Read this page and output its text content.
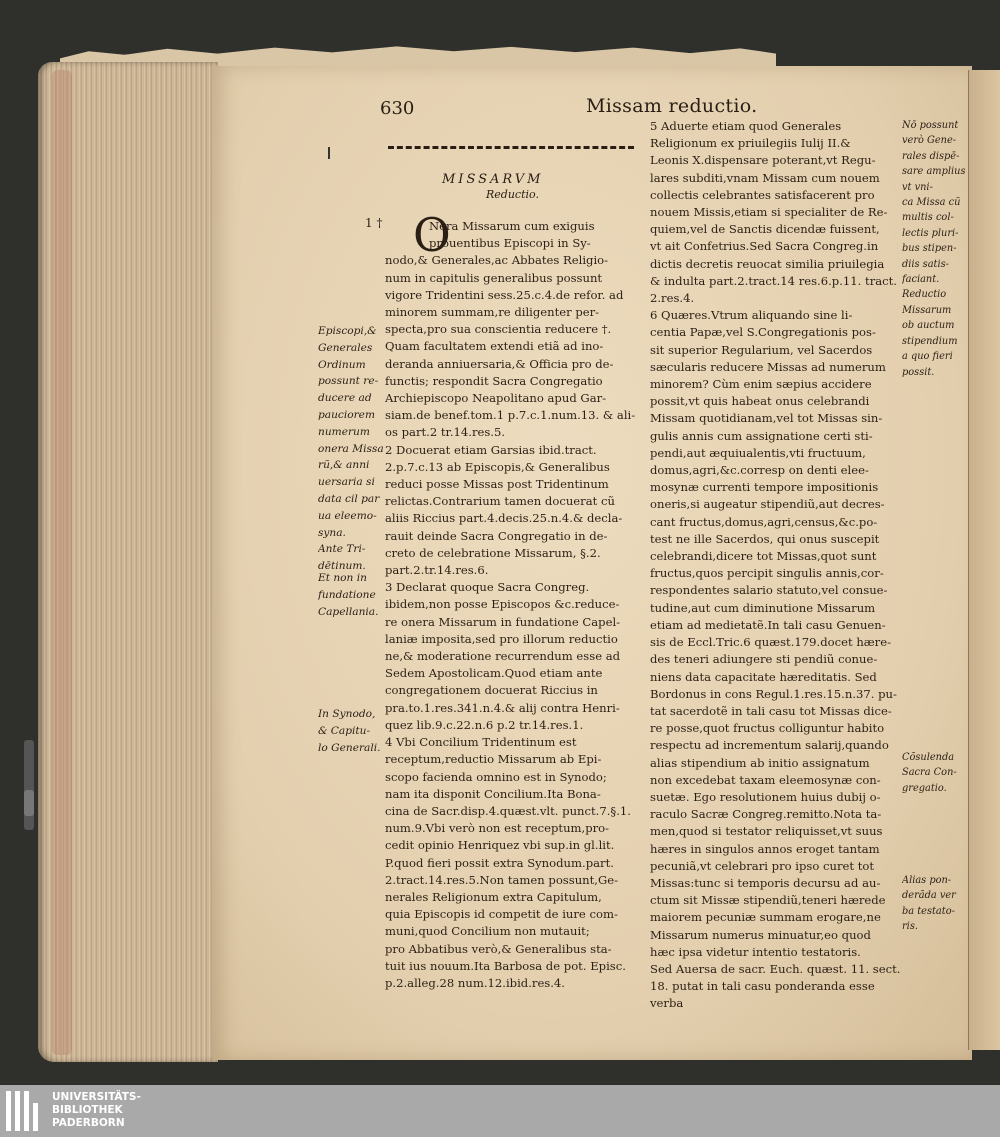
630	Missam reductio.
MISSARVM
Reductio.
1 † O

Nera Missarum cum exiguis

prouentibus Episcopi in Sy-

nodo,& Generales,ac Abbates Religio-

num in capitulis generalibus possunt

vigore Tridentini sess.25.c.4.de refor. ad

minorem summam,re diligenter per-

specta,pro sua conscientia reducere †.

Quam facultatem extendi etiã ad ino-

deranda anniuersaria,& Officia pro de-

functis; respondit Sacra Congregatio

Archiepiscopo Neapolitano apud Gar-

siam.de benef.tom.1 p.7.c.1.num.13. & ali-

os part.2 tr.14.res.5.

2 Docuerat etiam Garsias ibid.tract.

2.p.7.c.13 ab Episcopis,& Generalibus

reduci posse Missas post Tridentinum

relictas.Contrarium tamen docuerat cũ

aliis Riccius part.4.decis.25.n.4.& decla-

rauit deinde Sacra Congregatio in de-

creto de celebratione Missarum, §.2.

part.2.tr.14.res.6.

3 Declarat quoque Sacra Congreg.

ibidem,non posse Episcopos &c.reduce-

re onera Missarum in fundatione Capel-

laniæ imposita,sed pro illorum reductio

ne,& moderatione recurrendum esse ad

Sedem Apostolicam.Quod etiam ante

congregationem docuerat Riccius in

pra.to.1.res.341.n.4.& alij contra Henri-

quez lib.9.c.22.n.6 p.2 tr.14.res.1.

4 Vbi Concilium Tridentinum est

receptum,reductio Missarum ab Epi-

scopo facienda omnino est in Synodo;

nam ita disponit Concilium.Ita Bona-

cina de Sacr.disp.4.quæst.vlt. punct.7.§.1.

num.9.Vbi verò non est receptum,pro-

cedit opinio Henriquez vbi sup.in gl.lit.

P.quod fieri possit extra Synodum.part.

2.tract.14.res.5.Non tamen possunt,Ge-

nerales Religionum extra Capitulum,

quia Episcopis id competit de iure com-

muni,quod Concilium non mutauit;

pro Abbatibus verò,& Generalibus sta-

tuit ius nouum.Ita Barbosa de pot. Episc.

p.2.alleg.28 num.12.ibid.res.4.

5 Aduerte etiam quod Generales

Religionum ex priuilegiis Iulij II.&

Leonis X.dispensare poterant,vt Regu-

lares subditi,vnam Missam cum nouem

collectis celebrantes satisfacerent pro

nouem Missis,etiam si specialiter de Re-

quiem,vel de Sanctis dicendæ fuissent,

vt ait Confetrius.Sed Sacra Congreg.in

dictis decretis reuocat similia priuilegia

& indulta part.2.tract.14 res.6.p.11. tract.

2.res.4.

6 Quæres.Vtrum aliquando sine li-

centia Papæ,vel S.Congregationis pos-

sit superior Regularium, vel Sacerdos

sæcularis reducere Missas ad numerum

minorem? Cùm enim sæpius accidere

possit,vt quis habeat onus celebrandi

Missam quotidianam,vel tot Missas sin-

gulis annis cum assignatione certi sti-

pendi,aut æquiualentis,vti fructuum,

domus,agri,&c.corresp on denti elee-

mosynæ currenti tempore impositionis

oneris,si augeatur stipendiũ,aut decres-

cant fructus,domus,agri,census,&c.po-

test ne ille Sacerdos, qui onus suscepit

celebrandi,dicere tot Missas,quot sunt

fructus,quos percipit singulis annis,cor-

respondentes salario statuto,vel consue-

tudine,aut cum diminutione Missarum

etiam ad medietatẽ.In tali casu Genuen-

sis de Eccl.Tric.6 quæst.179.docet hære-

des teneri adiungere sti pendiũ conue-

niens data capacitate hæreditatis. Sed

Bordonus in cons Regul.1.res.15.n.37. pu-

tat sacerdotẽ in tali casu tot Missas dice-

re posse,quot fructus colliguntur habito

respectu ad incrementum salarij,quando

alias stipendium ab initio assignatum

non excedebat taxam eleemosynæ con-

suetæ. Ego resolutionem huius dubij o-

raculo Sacræ Congreg.remitto.Nota ta-

men,quod si testator reliquisset,vt suus

hæres in singulos annos eroget tantam

pecuniã,vt celebrari pro ipso curet tot

Missas:tunc si temporis decursu ad au-

ctum sit Missæ stipendiũ,teneri hærede

maiorem pecuniæ summam erogare,ne

Missarum numerus minuatur,eo quod

hæc ipsa videtur intentio testatoris.

Sed Auersa de sacr. Euch. quæst. 11. sect.

18. putat in tali casu ponderanda esse

verba

Episcopi,&

Generales

Ordinum

possunt re-

ducere ad

pauciorem

numerum

onera Missa

rũ,& anni

uersaria si

data cil par

ua eleemo-

syna.

Ante Tri-

dētinum.

Et non in

fundatione

Capellania.

In Synodo,

& Capitu-

lo Generali.

Nō possunt

verò Gene-

rales dispē-

sare amplius

vt vni-

ca Missa cũ

multis col-

lectis pluri-

bus stipen-

diis satis-

faciant.

Reductio

Missarum

ob auctum

stipendium

a quo fieri

possit.

Cõsulenda

Sacra Con-

gregatio.

Alias pon-

derãda ver

ba testato-

ris.

UNIVERSITÄTS-
BIBLIOTHEK
PADERBORN
